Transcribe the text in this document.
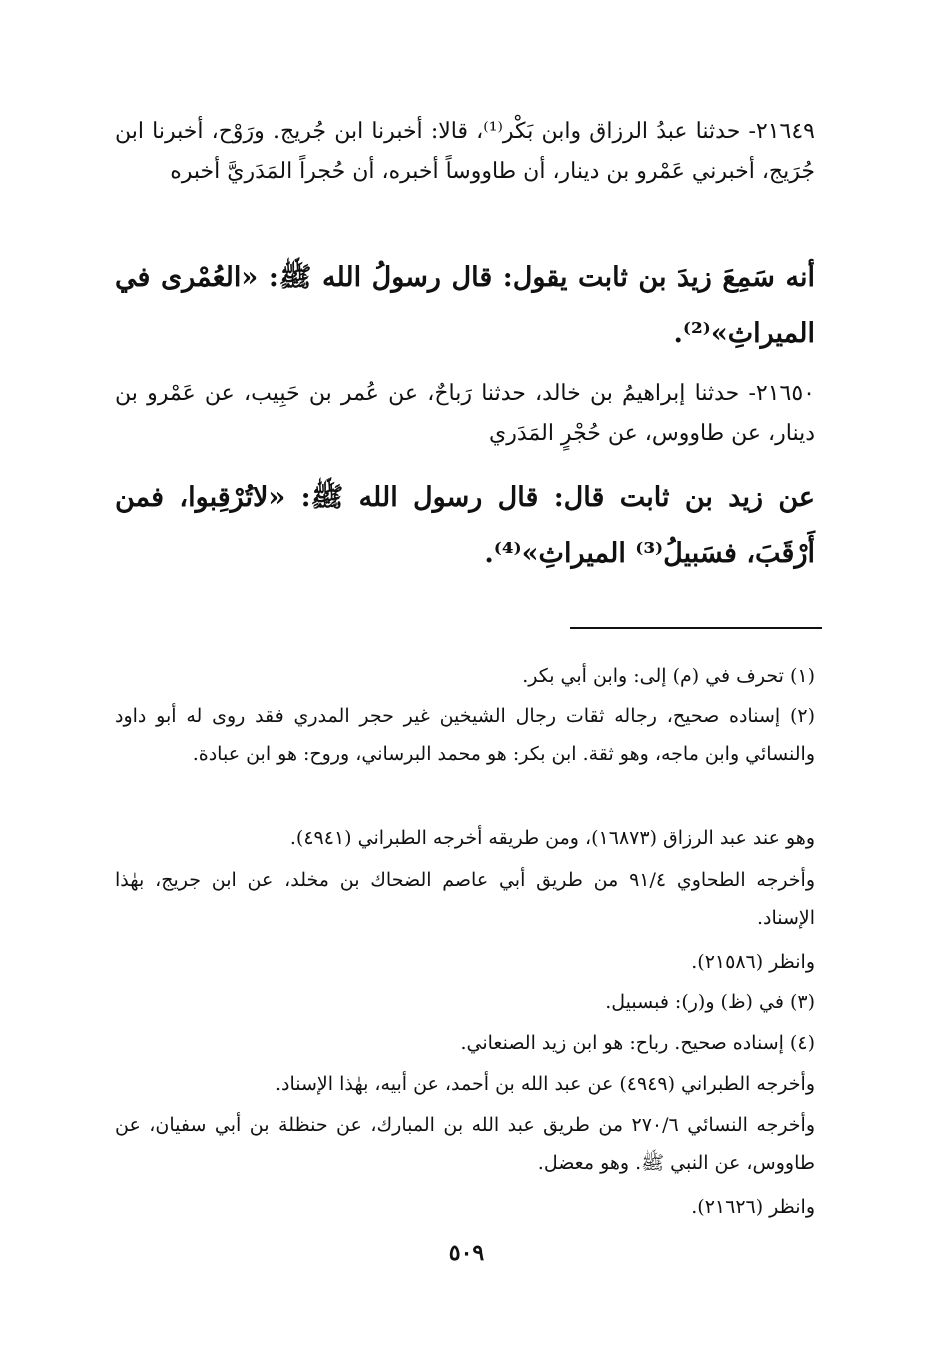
٢١٦٤٩- حدثنا عبدُ الرزاق وابن بَكْر⁽¹⁾، قالا: أخبرنا ابن جُريج. ورَوْح، أخبرنا ابن جُرَيج، أخبرني عَمْرو بن دينار، أن طاووساً أخبره، أن حُجراً المَدَريَّ أخبره

أنه سَمِعَ زيدَ بن ثابت يقول: قال رسولُ الله ﷺ: «العُمْرى في الميراثِ»⁽²⁾.

٢١٦٥٠- حدثنا إبراهيمُ بن خالد، حدثنا رَباحٌ، عن عُمر بن حَبِيب، عن عَمْرو بن دينار، عن طاووس، عن حُجْرٍ المَدَري

عن زيد بن ثابت قال: قال رسول الله ﷺ: «لاتُرْقِبوا، فمن أَرْقَبَ، فسَبيلُ⁽³⁾ الميراثِ»⁽⁴⁾.

(١) تحرف في (م) إلى: وابن أبي بكر.

(٢) إسناده صحيح، رجاله ثقات رجال الشيخين غير حجر المدري فقد روى له أبو داود والنسائي وابن ماجه، وهو ثقة. ابن بكر: هو محمد البرساني، وروح: هو ابن عبادة.

وهو عند عبد الرزاق (١٦٨٧٣)، ومن طريقه أخرجه الطبراني (٤٩٤١).

وأخرجه الطحاوي ٩١/٤ من طريق أبي عاصم الضحاك بن مخلد، عن ابن جريج، بهٰذا الإسناد.

وانظر (٢١٥٨٦).

(٣) في (ظ) و(ر): فبسبيل.

(٤) إسناده صحيح. رباح: هو ابن زيد الصنعاني.

وأخرجه الطبراني (٤٩٤٩) عن عبد الله بن أحمد، عن أبيه، بهٰذا الإسناد.

وأخرجه النسائي ٢٧٠/٦ من طريق عبد الله بن المبارك، عن حنظلة بن أبي سفيان، عن طاووس، عن النبي ﷺ. وهو معضل.

وانظر (٢١٦٢٦).

٥٠٩
